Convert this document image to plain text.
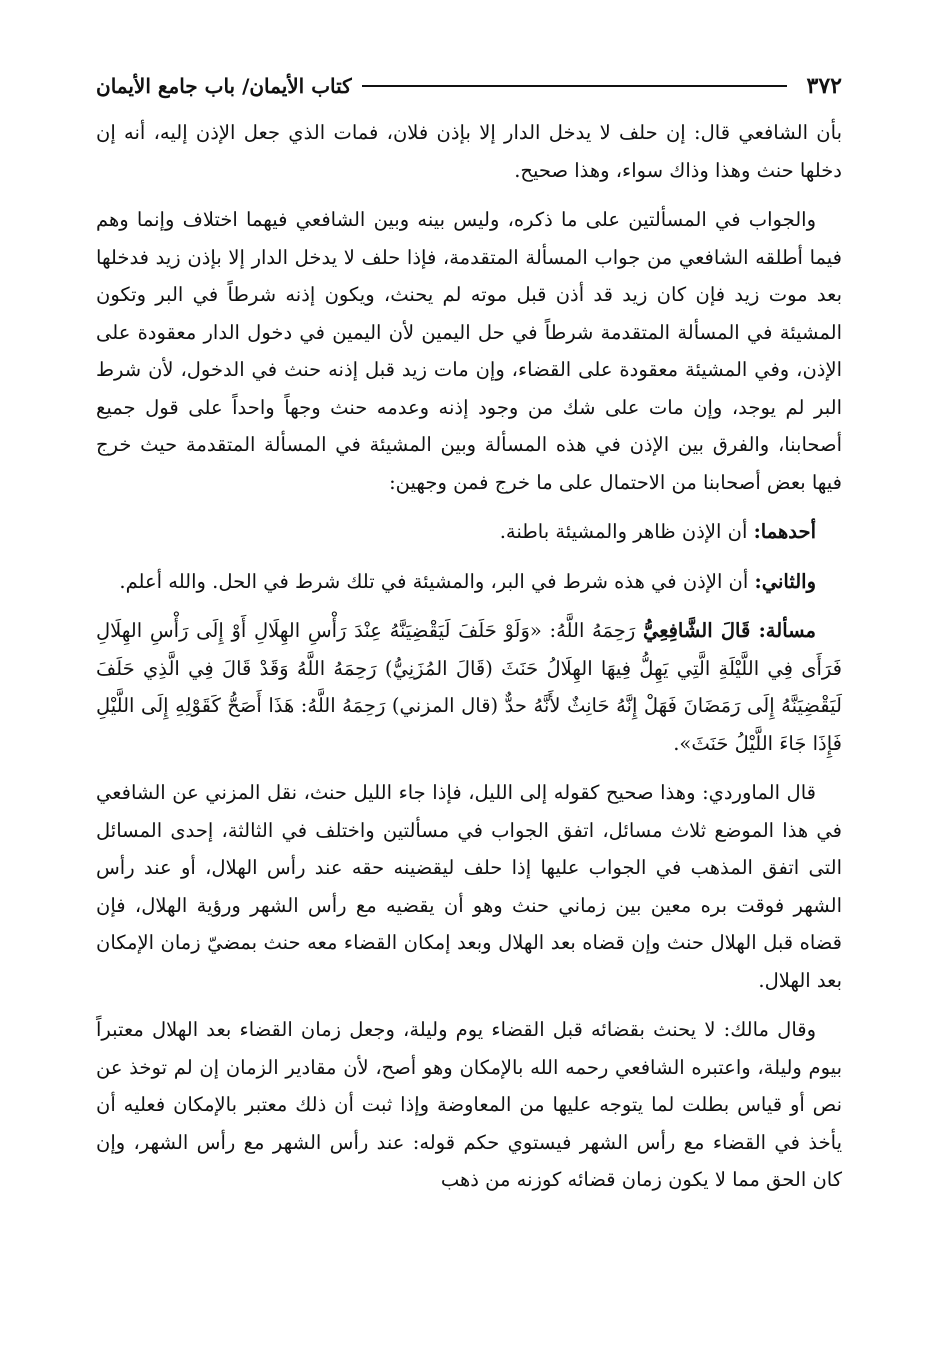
٣٧٢
كتاب الأيمان/ باب جامع الأيمان

بأن الشافعي قال: إن حلف لا يدخل الدار إلا بإذن فلان، فمات الذي جعل الإذن إليه، أنه إن دخلها حنث وهذا وذاك سواء، وهذا صحيح.

والجواب في المسألتين على ما ذكره، وليس بينه وبين الشافعي فيهما اختلاف وإنما وهم فيما أطلقه الشافعي من جواب المسألة المتقدمة، فإذا حلف لا يدخل الدار إلا بإذن زيد فدخلها بعد موت زيد فإن كان زيد قد أذن قبل موته لم يحنث، ويكون إذنه شرطاً في البر وتكون المشيئة في المسألة المتقدمة شرطاً في حل اليمين لأن اليمين في دخول الدار معقودة على الإذن، وفي المشيئة معقودة على القضاء، وإن مات زيد قبل إذنه حنث في الدخول، لأن شرط البر لم يوجد، وإن مات على شك من وجود إذنه وعدمه حنث وجهاً واحداً على قول جميع أصحابنا، والفرق بين الإذن في هذه المسألة وبين المشيئة في المسألة المتقدمة حيث خرج فيها بعض أصحابنا من الاحتمال على ما خرج فمن وجهين:

أحدهما: أن الإذن ظاهر والمشيئة باطنة.

والثاني: أن الإذن في هذه شرط في البر، والمشيئة في تلك شرط في الحل. والله أعلم.

مسألة: قَالَ الشَّافِعِيُّ رَحِمَهُ اللَّهُ: «وَلَوْ حَلَفَ لَيَقْضِيَنَّهُ عِنْدَ رَأْسِ الهِلَالِ أَوْ إِلَى رَأْسِ الهِلَالِ فَرَأَى فِي اللَّيْلَةِ الَّتِي يَهِلُّ فِيهَا الهِلَالُ حَنَثَ (قَالَ المُزَنِيُّ) رَحِمَهُ اللَّهُ وَقَدْ قَالَ فِي الَّذِي حَلَفَ لَيَقْضِيَنَّهُ إِلَى رَمَضَانَ فَهَلْ إِنَّهُ حَانِثٌ لأَنَّهُ حدٌّ (قال المزني) رَحِمَهُ اللَّهُ: هَذَا أَصَحُّ كَقَوْلِهِ إِلَى اللَّيْلِ فَإِذَا جَاءَ اللَّيْلُ حَنَثَ».

قال الماوردي: وهذا صحيح كقوله إلى الليل، فإذا جاء الليل حنث، نقل المزني عن الشافعي في هذا الموضع ثلاث مسائل، اتفق الجواب في مسألتين واختلف في الثالثة، إحدى المسائل التى اتفق المذهب في الجواب عليها إذا حلف ليقضينه حقه عند رأس الهلال، أو عند رأس الشهر فوقت بره معين بين زماني حنث وهو أن يقضيه مع رأس الشهر ورؤية الهلال، فإن قضاه قبل الهلال حنث وإن قضاه بعد الهلال وبعد إمكان القضاء معه حنث بمضيّ زمان الإمكان بعد الهلال.

وقال مالك: لا يحنث بقضائه قبل القضاء يوم وليلة، وجعل زمان القضاء بعد الهلال معتبراً بيوم وليلة، واعتبره الشافعي رحمه الله بالإمكان وهو أصح، لأن مقادير الزمان إن لم توخذ عن نص أو قياس بطلت لما يتوجه عليها من المعاوضة وإذا ثبت أن ذلك معتبر بالإمكان فعليه أن يأخذ في القضاء مع رأس الشهر فيستوي حكم قوله: عند رأس الشهر مع رأس الشهر، وإن كان الحق مما لا يكون زمان قضائه كوزنه من ذهب
